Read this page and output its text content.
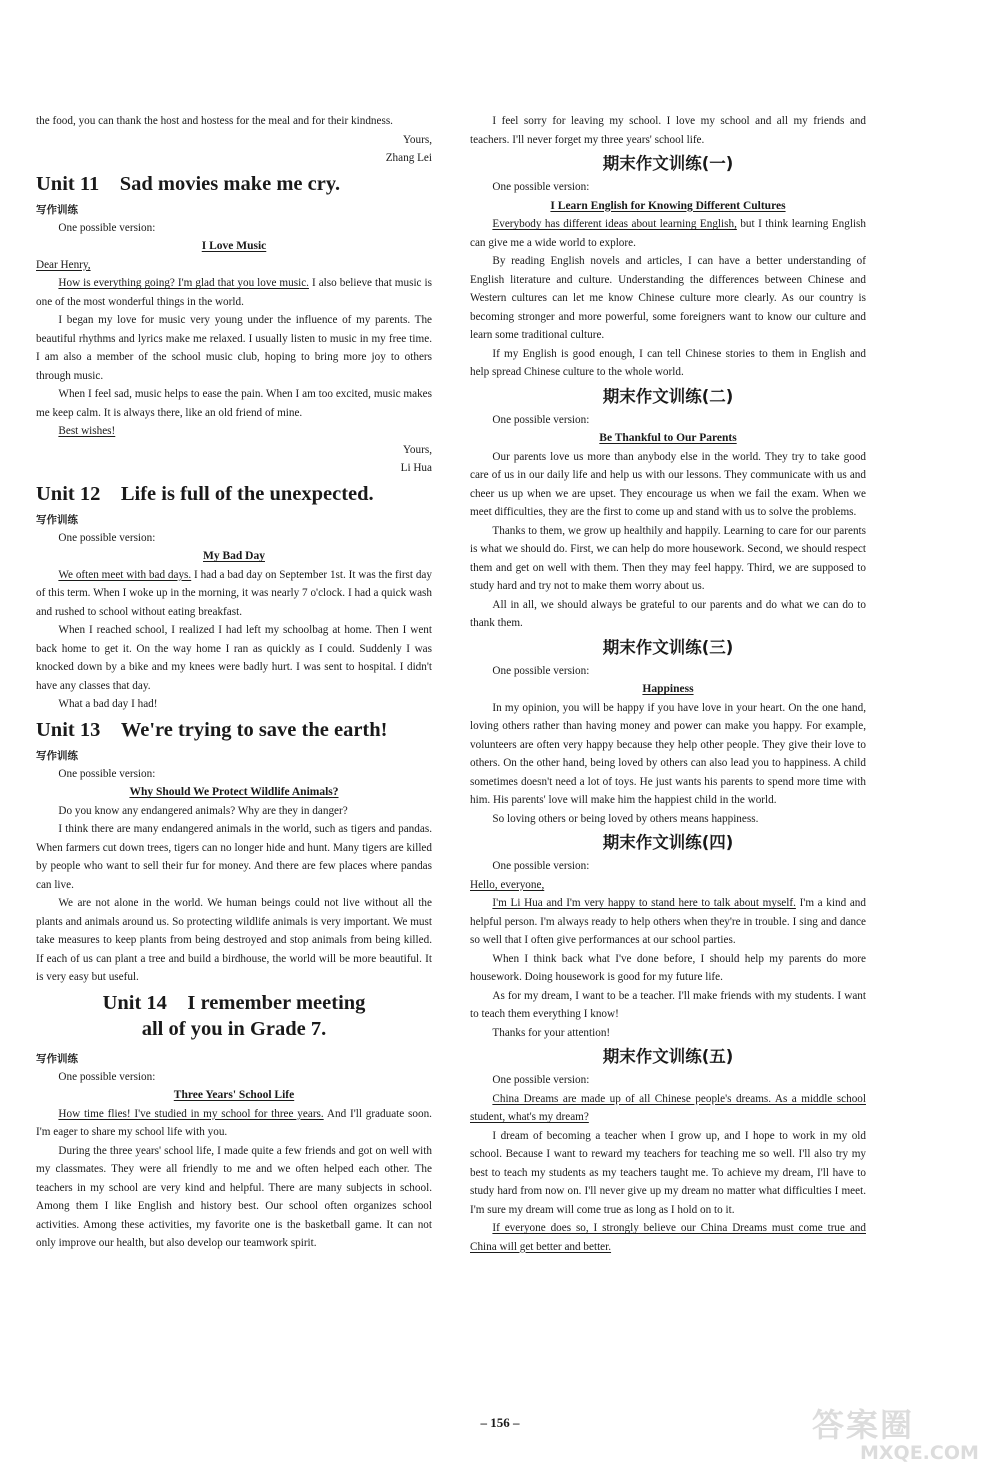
the food, you can thank the host and hostess for the meal and for their kindness.

Yours,

Zhang Lei

Unit 11　Sad movies make me cry.
写作训练

One possible version:

I Love Music

Dear Henry,

How is everything going? I'm glad that you love music. I also believe that music is one of the most wonderful things in the world.

I began my love for music very young under the influence of my parents. The beautiful rhythms and lyrics make me relaxed. I usually listen to music in my free time. I am also a member of the school music club, hoping to bring more joy to others through music.

When I feel sad, music helps to ease the pain. When I am too excited, music makes me keep calm. It is always there, like an old friend of mine.

Best wishes!

Yours,

Li Hua

Unit 12　Life is full of the unexpected.
写作训练

One possible version:

My Bad Day

We often meet with bad days. I had a bad day on September 1st. It was the first day of this term. When I woke up in the morning, it was nearly 7 o'clock. I had a quick wash and rushed to school without eating breakfast.

When I reached school, I realized I had left my schoolbag at home. Then I went back home to get it. On the way home I ran as quickly as I could. Suddenly I was knocked down by a bike and my knees were badly hurt. I was sent to hospital. I didn't have any classes that day.

What a bad day I had!

Unit 13　We're trying to save the earth!
写作训练

One possible version:

Why Should We Protect Wildlife Animals?

Do you know any endangered animals? Why are they in danger?

I think there are many endangered animals in the world, such as tigers and pandas. When farmers cut down trees, tigers can no longer hide and hunt. Many tigers are killed by people who want to sell their fur for money. And there are few places where pandas can live.

We are not alone in the world. We human beings could not live without all the plants and animals around us. So protecting wildlife animals is very important. We must take measures to keep plants from being destroyed and stop animals from being killed. If each of us can plant a tree and build a birdhouse, the world will be more beautiful. It is very easy but useful.

Unit 14　I remember meeting
all of you in Grade 7.
写作训练

One possible version:

Three Years' School Life

How time flies! I've studied in my school for three years. And I'll graduate soon. I'm eager to share my school life with you.

During the three years' school life, I made quite a few friends and got on well with my classmates. They were all friendly to me and we often helped each other. The teachers in my school are very kind and helpful. There are many subjects in school. Among them I like English and history best. Our school often organizes school activities. Among these activities, my favorite one is the basketball game. It can not only improve our health, but also develop our teamwork spirit.

I feel sorry for leaving my school. I love my school and all my friends and teachers. I'll never forget my three years' school life.

期末作文训练(一)

One possible version:

I Learn English for Knowing Different Cultures

Everybody has different ideas about learning English, but I think learning English can give me a wide world to explore.

By reading English novels and articles, I can have a better understanding of English literature and culture. Understanding the differences between Chinese and Western cultures can let me know Chinese culture more clearly. As our country is becoming stronger and more powerful, some foreigners want to know our culture and learn some traditional culture.

If my English is good enough, I can tell Chinese stories to them in English and help spread Chinese culture to the whole world.

期末作文训练(二)

One possible version:

Be Thankful to Our Parents

Our parents love us more than anybody else in the world. They try to take good care of us in our daily life and help us with our lessons. They communicate with us and cheer us up when we are upset. They encourage us when we fail the exam. When we meet difficulties, they are the first to come up and stand with us to solve the problems.

Thanks to them, we grow up healthily and happily. Learning to care for our parents is what we should do. First, we can help do more housework. Second, we should respect them and get on well with them. Then they may feel happy. Third, we are supposed to study hard and try not to make them worry about us.

All in all, we should always be grateful to our parents and do what we can do to thank them.

期末作文训练(三)

One possible version:

Happiness

In my opinion, you will be happy if you have love in your heart. On the one hand, loving others rather than having money and power can make you happy. For example, volunteers are often very happy because they help other people. They give their love to others. On the other hand, being loved by others can also lead you to happiness. A child sometimes doesn't need a lot of toys. He just wants his parents to spend more time with him. His parents' love will make him the happiest child in the world.

So loving others or being loved by others means happiness.

期末作文训练(四)

One possible version:

Hello, everyone,

I'm Li Hua and I'm very happy to stand here to talk about myself. I'm a kind and helpful person. I'm always ready to help others when they're in trouble. I sing and dance so well that I often give performances at our school parties.

When I think back what I've done before, I should help my parents do more housework. Doing housework is good for my future life.

As for my dream, I want to be a teacher. I'll make friends with my students. I want to teach them everything I know!

Thanks for your attention!

期末作文训练(五)

One possible version:

China Dreams are made up of all Chinese people's dreams. As a middle school student, what's my dream?

I dream of becoming a teacher when I grow up, and I hope to work in my old school. Because I want to reward my teachers for teaching me so well. I'll also try my best to teach my students as my teachers taught me. To achieve my dream, I'll have to study hard from now on. I'll never give up my dream no matter what difficulties I meet. I'm sure my dream will come true as long as I hold on to it.

If everyone does so, I strongly believe our China Dreams must come true and China will get better and better.

– 156 –	答案圈
MXQE.COM
